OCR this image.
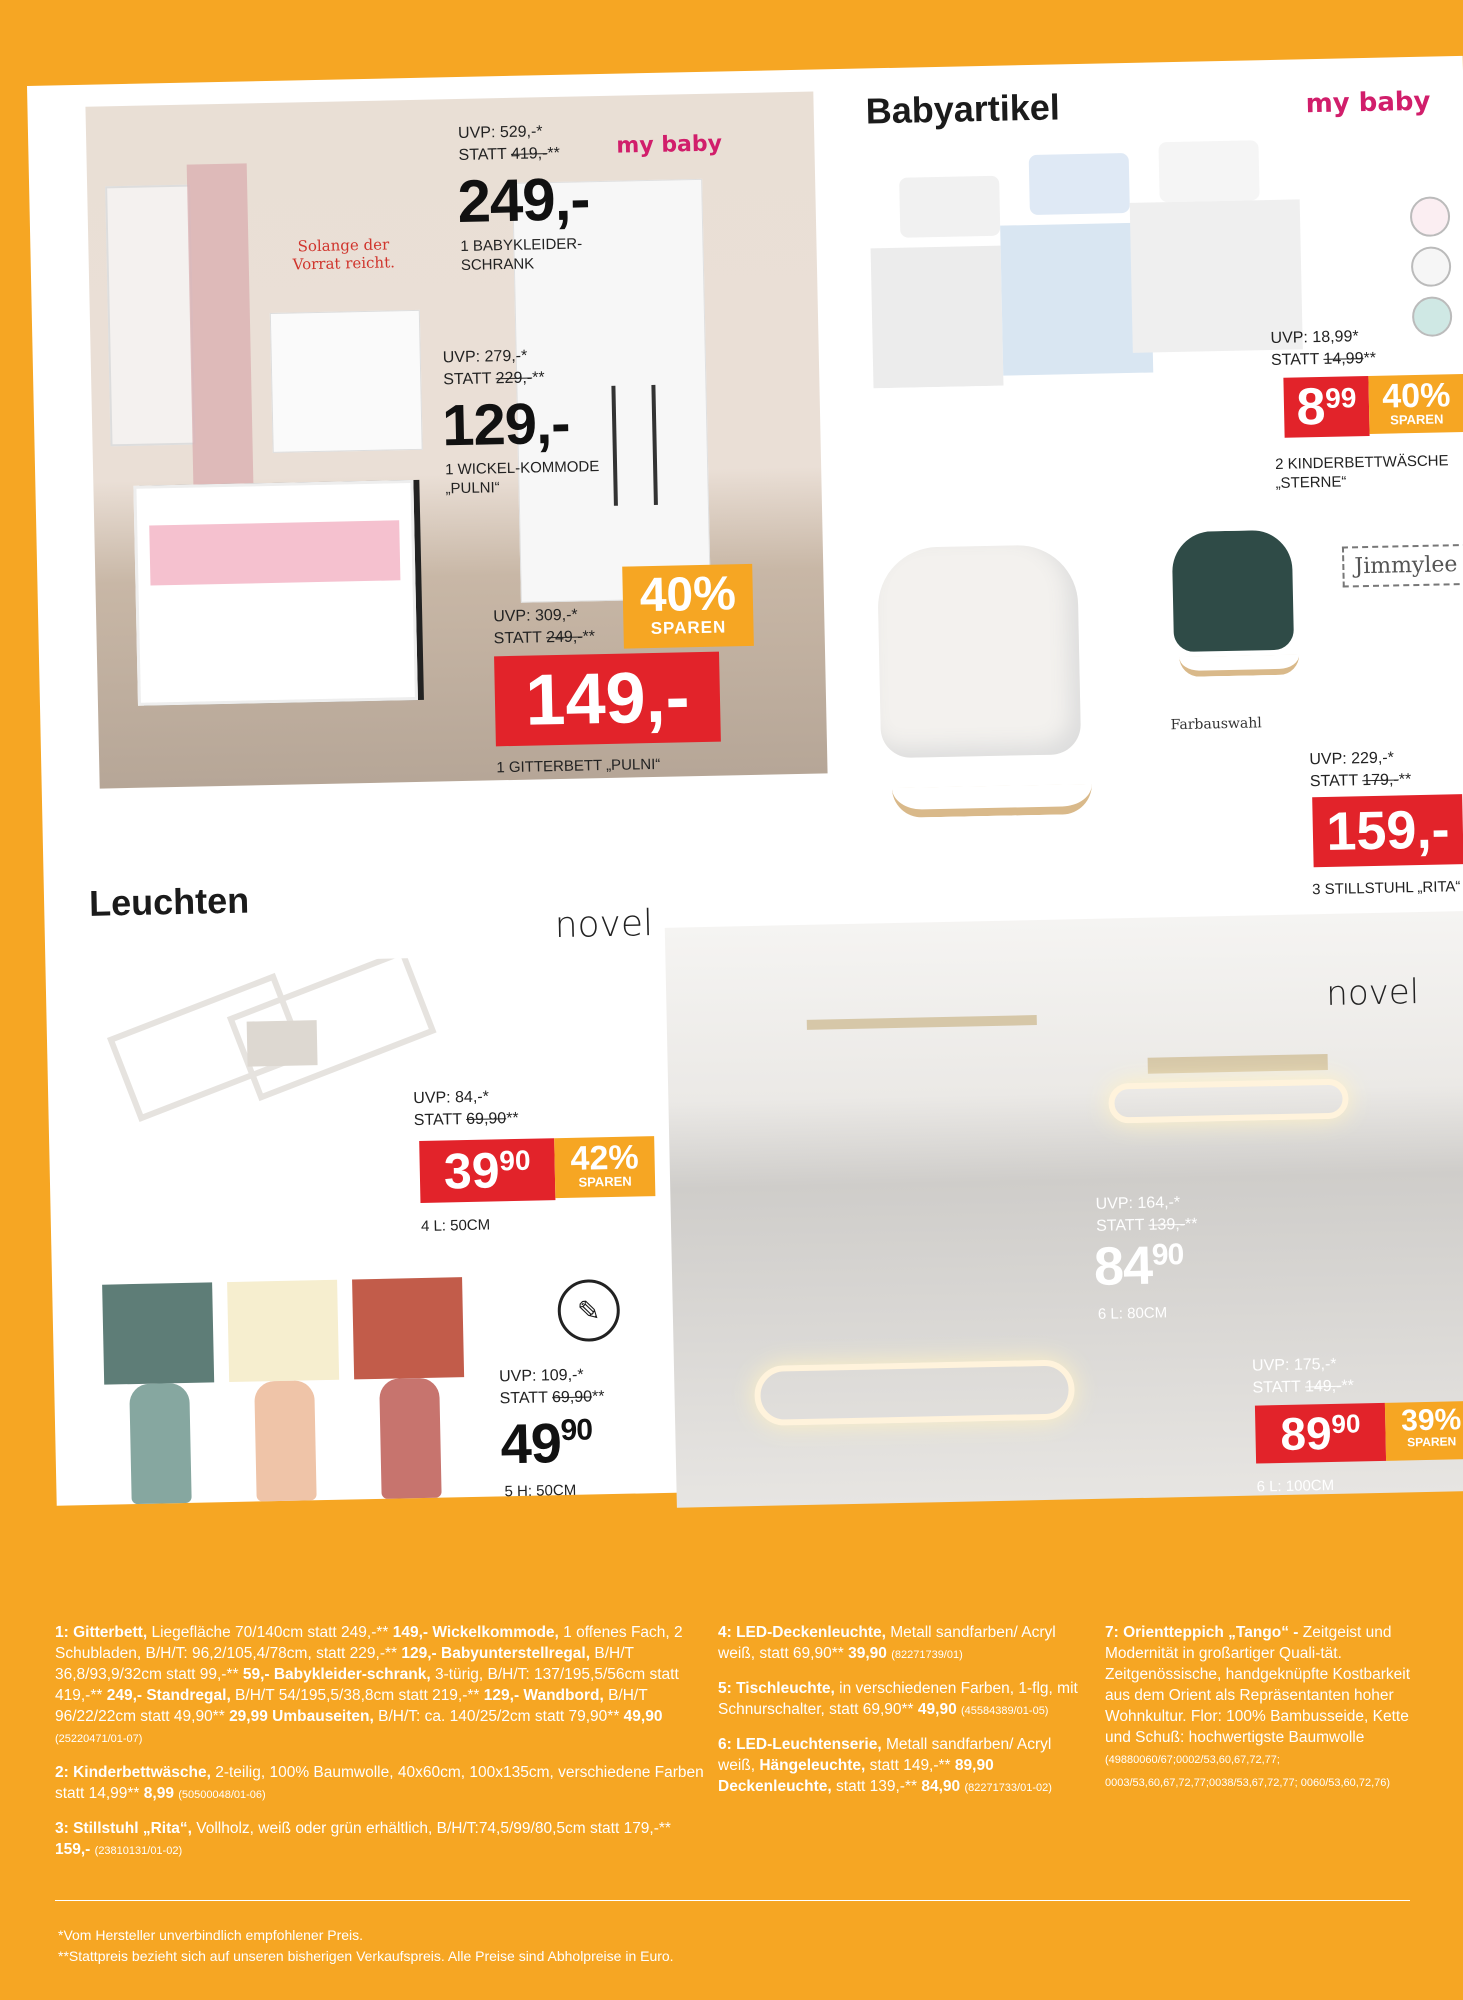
Solange der Vorrat reicht.
my baby
UVP: 529,-*
STATT 419,-**
249,-
1 BABYKLEIDER-SCHRANK
UVP: 279,-*
STATT 229,-**
129,-
1 WICKEL-KOMMODE „PULNI“
UVP: 309,-*
STATT 249,-**
40%
SPAREN
149,-
1 GITTERBETT „PULNI“
Babyartikel	my baby
UVP: 18,99*
STATT 14,99**
8
99 40%
SPAREN
2 KINDERBETTWÄSCHE „STERNE“
Jimmylee
Farbauswahl
UVP: 229,-*
STATT 179,-**
159,-
3 STILLSTUHL „RITA“
Leuchten
novel
UVP: 84,-*
STATT 69,90**
39
90	42%
SPAREN
4 L: 50CM
✎
UVP: 109,-*
STATT 69,90**
49
90
5 H: 50CM
novel
UVP: 164,-*
STATT 139,-**
84
90
6 L: 80CM
UVP: 175,-*
STATT 149,-**
89
90	39%
SPAREN
6 L: 100CM

1: Gitterbett, Liegefläche 70/140cm statt 249,-** 149,- Wickelkommode, 1 offenes Fach, 2 Schubladen, B/H/T: 96,2/105,4/78cm, statt 229,-** 129,- Babyunterstellregal, B/H/T 36,8/93,9/32cm statt 99,-** 59,- Babykleider-schrank, 3-türig, B/H/T: 137/195,5/56cm statt 419,-** 249,- Standregal, B/H/T 54/195,5/38,8cm statt 219,-** 129,- Wandbord, B/H/T 96/22/22cm statt 49,90** 29,99 Umbauseiten, B/H/T: ca. 140/25/2cm statt 79,90** 49,90 (25220471/01-07)

2: Kinderbettwäsche, 2-teilig, 100% Baumwolle, 40x60cm, 100x135cm, verschiedene Farben statt 14,99** 8,99 (50500048/01-06)

3: Stillstuhl „Rita“, Vollholz, weiß oder grün erhältlich, B/H/T:74,5/99/80,5cm statt 179,-** 159,- (23810131/01-02)

4: LED-Deckenleuchte, Metall sandfarben/ Acryl weiß, statt 69,90** 39,90 (82271739/01)

5: Tischleuchte, in verschiedenen Farben, 1-flg, mit Schnurschalter, statt 69,90** 49,90 (45584389/01-05)

6: LED-Leuchtenserie, Metall sandfarben/ Acryl weiß, Hängeleuchte, statt 149,-** 89,90 Deckenleuchte, statt 139,-** 84,90 (82271733/01-02)

7: Orientteppich „Tango“ - Zeitgeist und Modernität in großartiger Quali-tät. Zeitgenössische, handgeknüpfte Kostbarkeit aus dem Orient als Repräsentanten hoher Wohnkultur. Flor: 100% Bambusseide, Kette und Schuß: hochwertigste Baumwolle (49880060/67;0002/53,60,67,72,77; 0003/53,60,67,72,77;0038/53,67,72,77; 0060/53,60,72,76)

*Vom Hersteller unverbindlich empfohlener Preis.
**Stattpreis bezieht sich auf unseren bisherigen Verkaufspreis. Alle Preise sind Abholpreise in Euro.
